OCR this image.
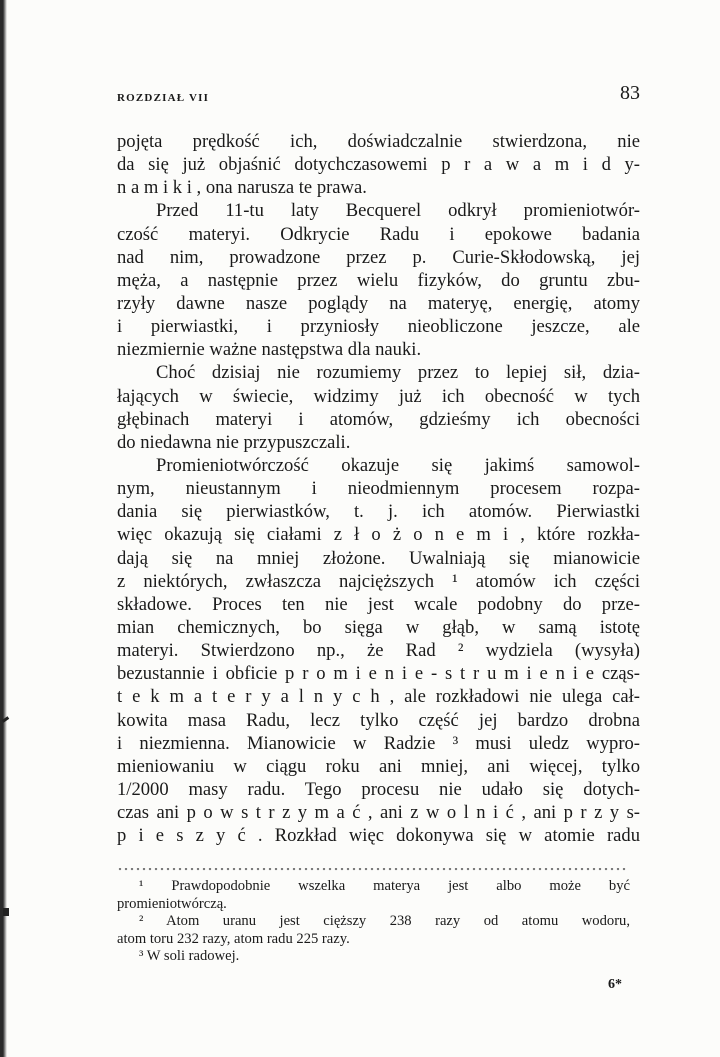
ROZDZIAŁ VII	83
pojęta prędkość ich, doświadczalnie stwierdzona, nie
da się już objaśnić dotychczasowemi p r a w a m i d y-
n a m i k i , ona narusza te prawa.
Przed 11-tu laty Becquerel odkrył promieniotwór-
czość materyi. Odkrycie Radu i epokowe badania
nad nim, prowadzone przez p. Curie-Skłodowską, jej
męża, a następnie przez wielu fizyków, do gruntu zbu-
rzyły dawne nasze poglądy na materyę, energię, atomy
i pierwiastki, i przyniosły nieobliczone jeszcze, ale
niezmiernie ważne następstwa dla nauki.
Choć dzisiaj nie rozumiemy przez to lepiej sił, dzia-
łających w świecie, widzimy już ich obecność w tych
głębinach materyi i atomów, gdzieśmy ich obecności
do niedawna nie przypuszczali.
Promieniotwórczość okazuje się jakimś samowol-
nym, nieustannym i nieodmiennym procesem rozpa-
dania się pierwiastków, t. j. ich atomów. Pierwiastki
więc okazują się ciałami z ł o ż o n e m i , które rozkła-
dają się na mniej złożone. Uwalniają się mianowicie
z niektórych, zwłaszcza najcięższych ¹ atomów ich części
składowe. Proces ten nie jest wcale podobny do prze-
mian chemicznych, bo sięga w głąb, w samą istotę
materyi. Stwierdzono np., że Rad ² wydziela (wysyła)
bezustannie i obficie p r o m i e n i e - s t r u m i e n i e cząs-
t e k m a t e r y a l n y c h , ale rozkładowi nie ulega cał-
kowita masa Radu, lecz tylko część jej bardzo drobna
i niezmienna. Mianowicie w Radzie ³ musi uledz wypro-
mieniowaniu w ciągu roku ani mniej, ani więcej, tylko
1/2000 masy radu. Tego procesu nie udało się dotych-
czas ani p o w s t r z y m a ć , ani z w o l n i ć , ani p r z y s-
p i e s z y ć . Rozkład więc dokonywa się w atomie radu
¹ Prawdopodobnie wszelka materya jest albo może być
promieniotwórczą.
² Atom uranu jest cięższy 238 razy od atomu wodoru,
atom toru 232 razy, atom radu 225 razy.
³ W soli radowej.
6*
